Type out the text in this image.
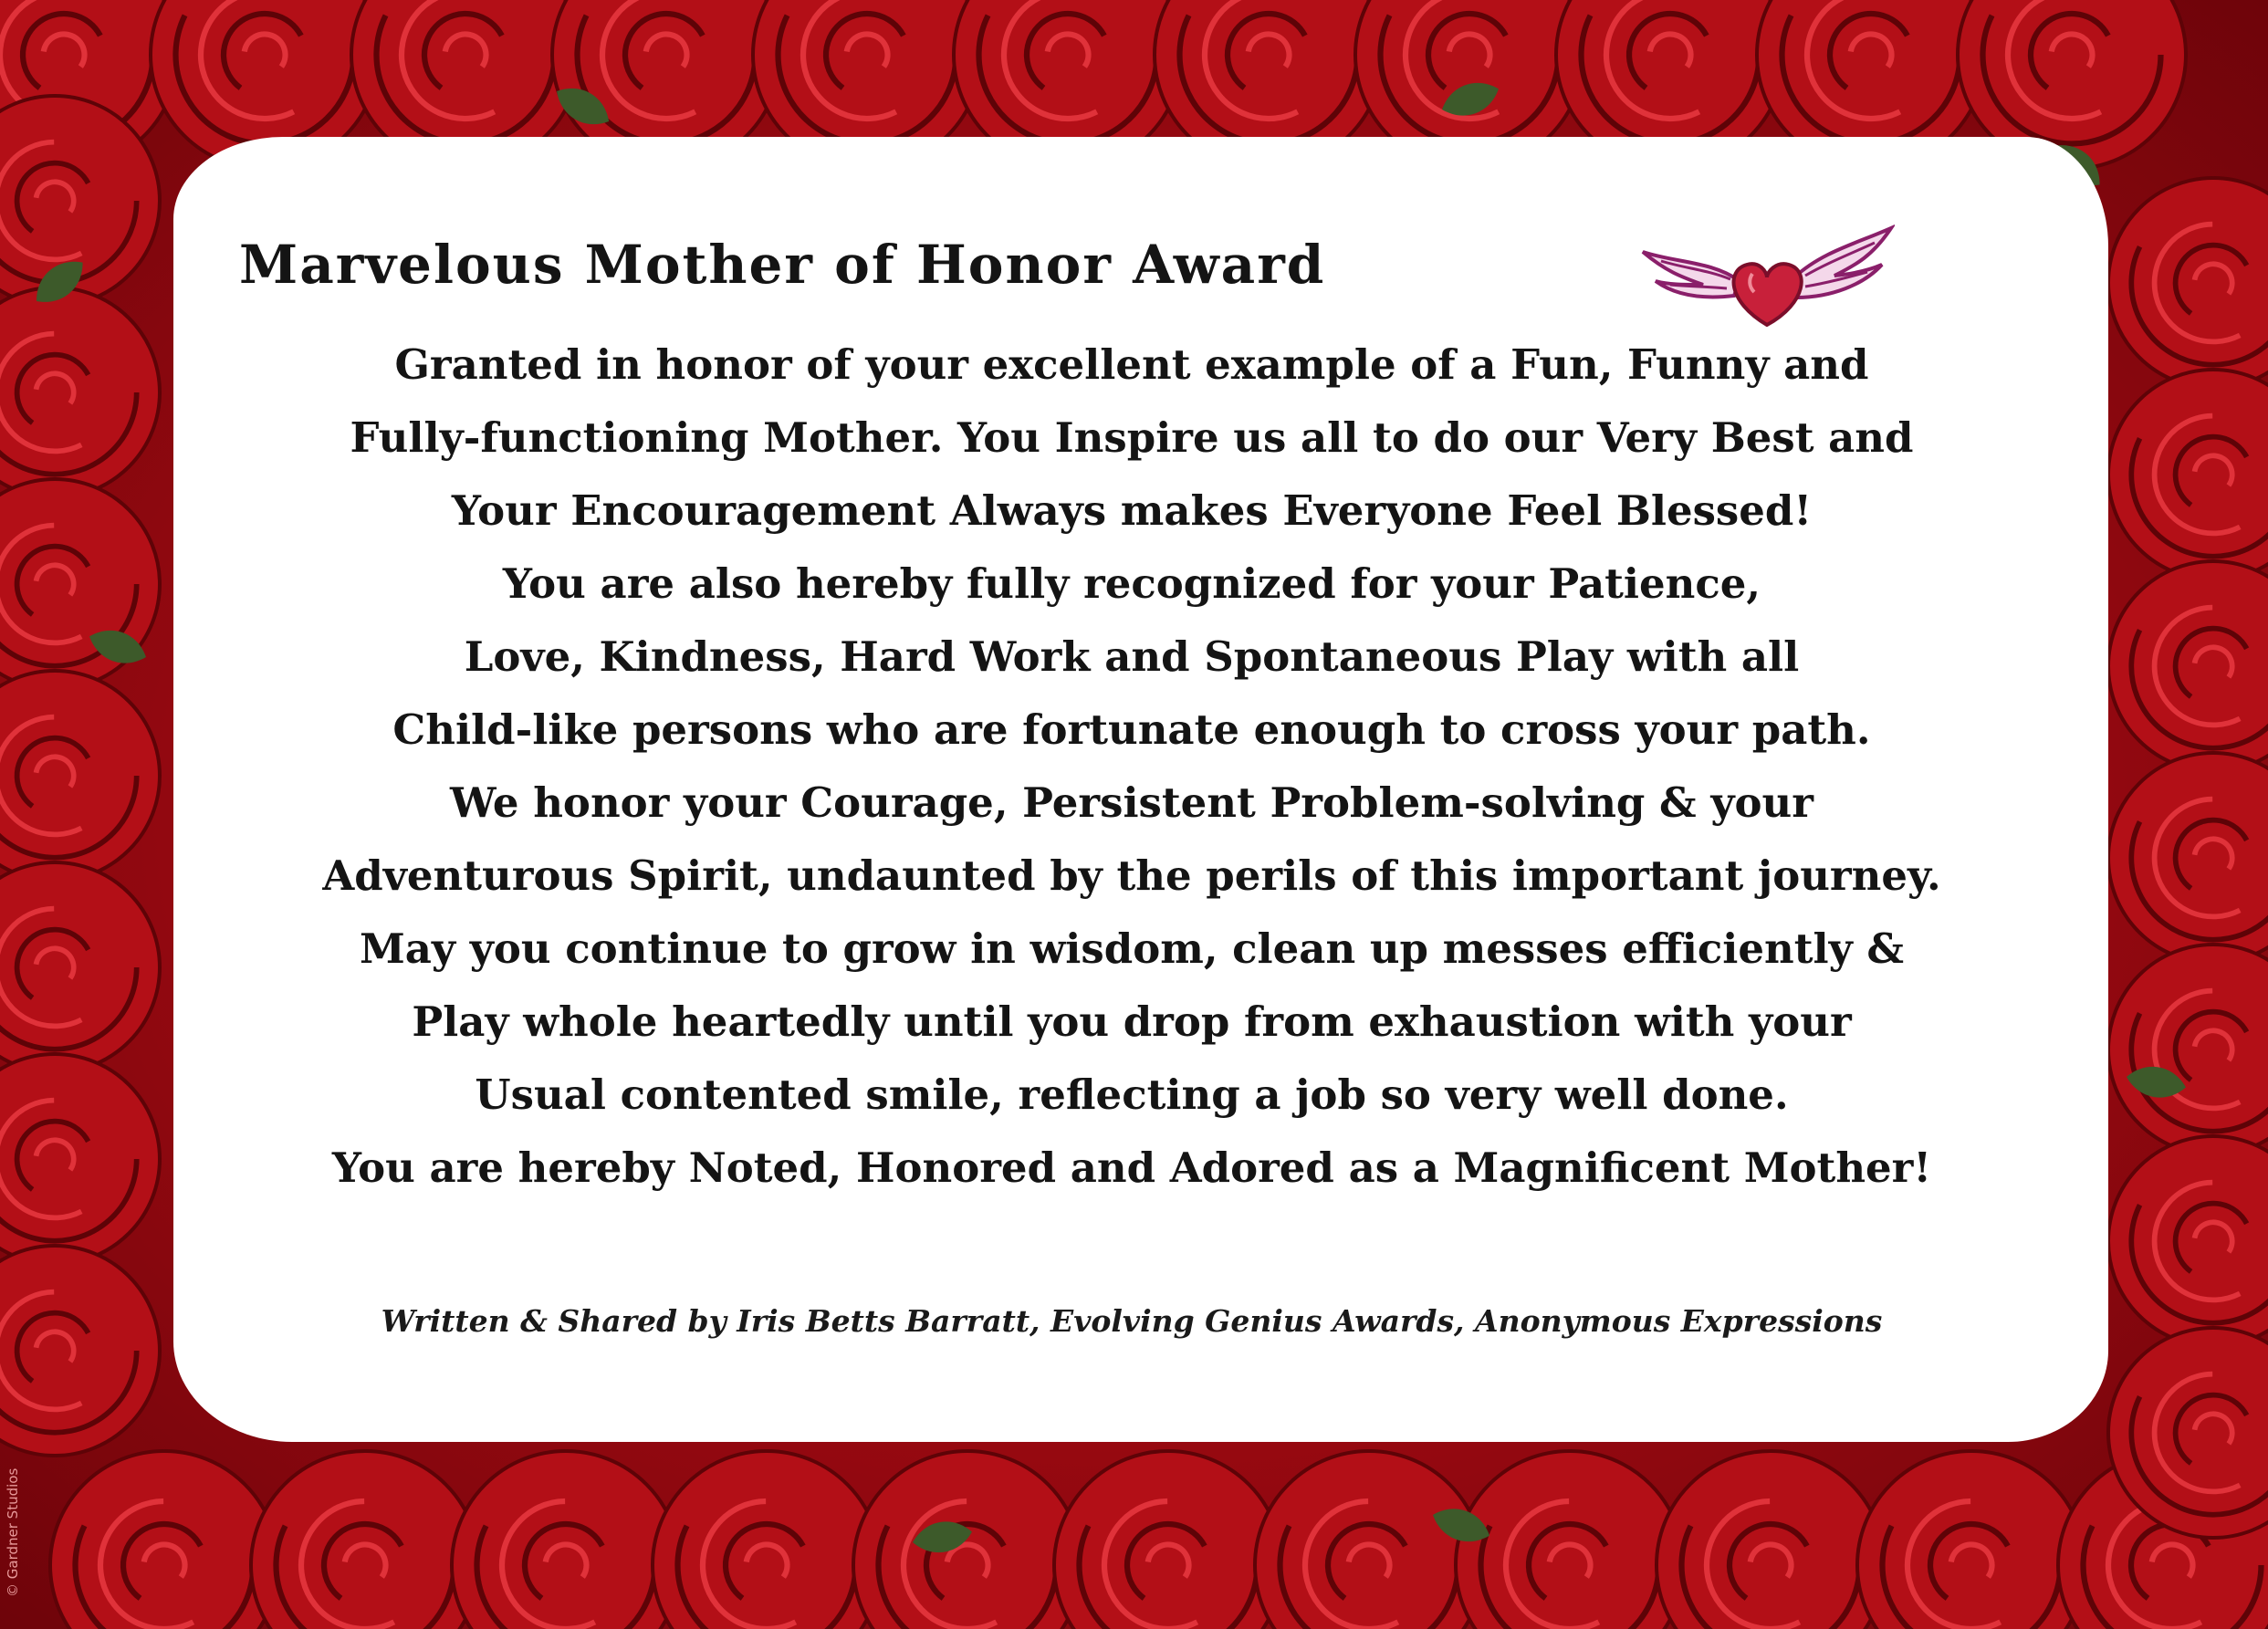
Marvelous Mother of Honor Award
Granted in honor of your excellent example of a Fun, Funny and
Fully-functioning Mother. You Inspire us all to do our Very Best and
Your Encouragement Always makes Everyone Feel Blessed!
You are also hereby fully recognized for your Patience,
Love, Kindness, Hard Work and Spontaneous Play with all
Child-like persons who are fortunate enough to cross your path.
We honor your Courage, Persistent Problem-solving & your
Adventurous Spirit, undaunted by the perils of this important journey.
May you continue to grow in wisdom, clean up messes efficiently &
Play whole heartedly until you drop from exhaustion with your
Usual contented smile, reflecting a job so very well done.
You are hereby Noted, Honored and Adored as a Magnificent Mother!
Written & Shared by Iris Betts Barratt, Evolving Genius Awards, Anonymous Expressions
© Gardner Studios
